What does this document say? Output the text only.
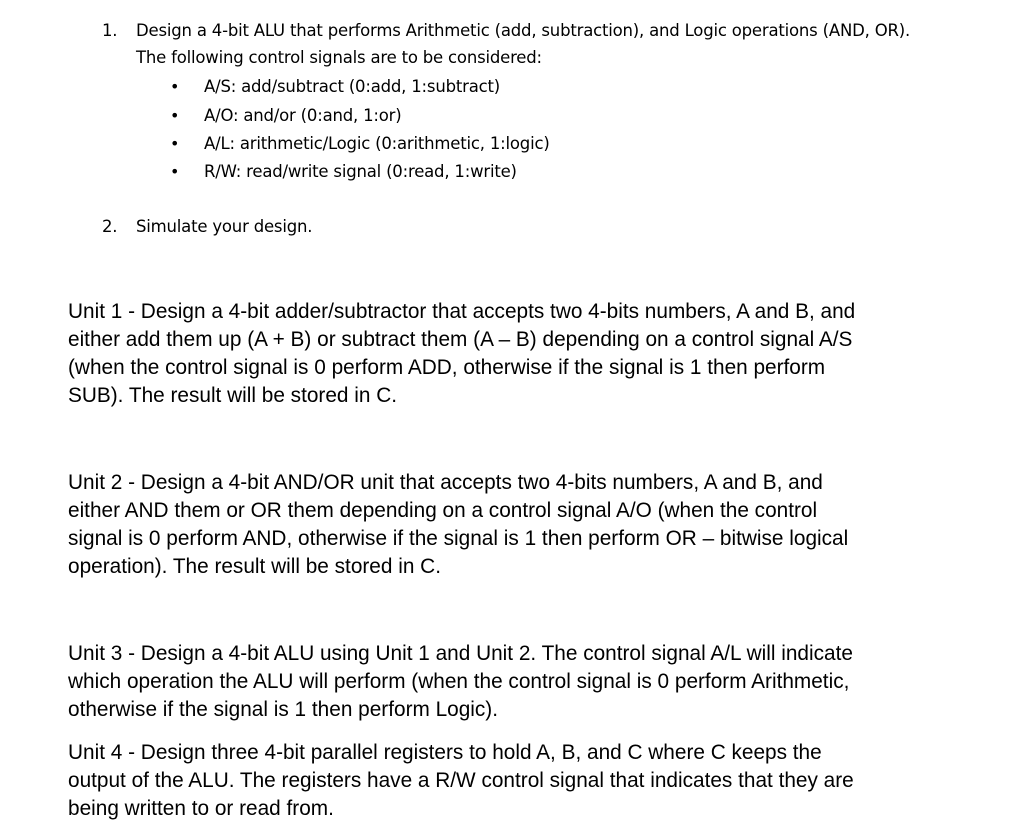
1. Design a 4-bit ALU that performs Arithmetic (add, subtraction), and Logic operations (AND, OR).
The following control signals are to be considered:
• A/S: add/subtract (0:add, 1:subtract)
• A/O: and/or (0:and, 1:or)
• A/L: arithmetic/Logic (0:arithmetic, 1:logic)
• R/W: read/write signal (0:read, 1:write)
2. Simulate your design.
Unit 1 - Design a 4-bit adder/subtractor that accepts two 4-bits numbers, A and B, and
either add them up (A + B) or subtract them (A – B) depending on a control signal A/S
(when the control signal is 0 perform ADD, otherwise if the signal is 1 then perform
SUB). The result will be stored in C.
Unit 2 - Design a 4-bit AND/OR unit that accepts two 4-bits numbers, A and B, and
either AND them or OR them depending on a control signal A/O (when the control
signal is 0 perform AND, otherwise if the signal is 1 then perform OR – bitwise logical
operation). The result will be stored in C.
Unit 3 - Design a 4-bit ALU using Unit 1 and Unit 2. The control signal A/L will indicate
which operation the ALU will perform (when the control signal is 0 perform Arithmetic,
otherwise if the signal is 1 then perform Logic).
Unit 4 - Design three 4-bit parallel registers to hold A, B, and C where C keeps the
output of the ALU. The registers have a R/W control signal that indicates that they are
being written to or read from.
